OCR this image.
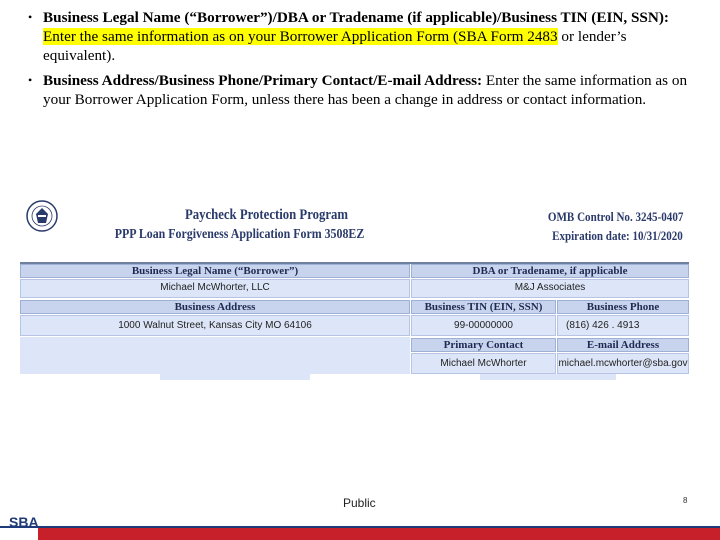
• Business Legal Name (“Borrower”)/DBA or Tradename (if applicable)/Business TIN (EIN, SSN): Enter the same information as on your Borrower Application Form (SBA Form 2483 or lender’s equivalent).
• Business Address/Business Phone/Primary Contact/E-mail Address: Enter the same information as on your Borrower Application Form, unless there has been a change in address or contact information.
Paycheck Protection Program
PPP Loan Forgiveness Application Form 3508EZ
OMB Control No. 3245-0407
Expiration date: 10/31/2020
Business Legal Name (“Borrower”)	DBA or Tradename, if applicable
Michael McWhorter, LLC	M&J Associates
Business Address	Business TIN (EIN, SSN)	Business Phone
1000 Walnut Street, Kansas City MO 64106	99-00000000	(816) 426 . 4913
Primary Contact	E-mail Address
Michael McWhorter	michael.mcwhorter@sba.gov
Public	8
SBA
